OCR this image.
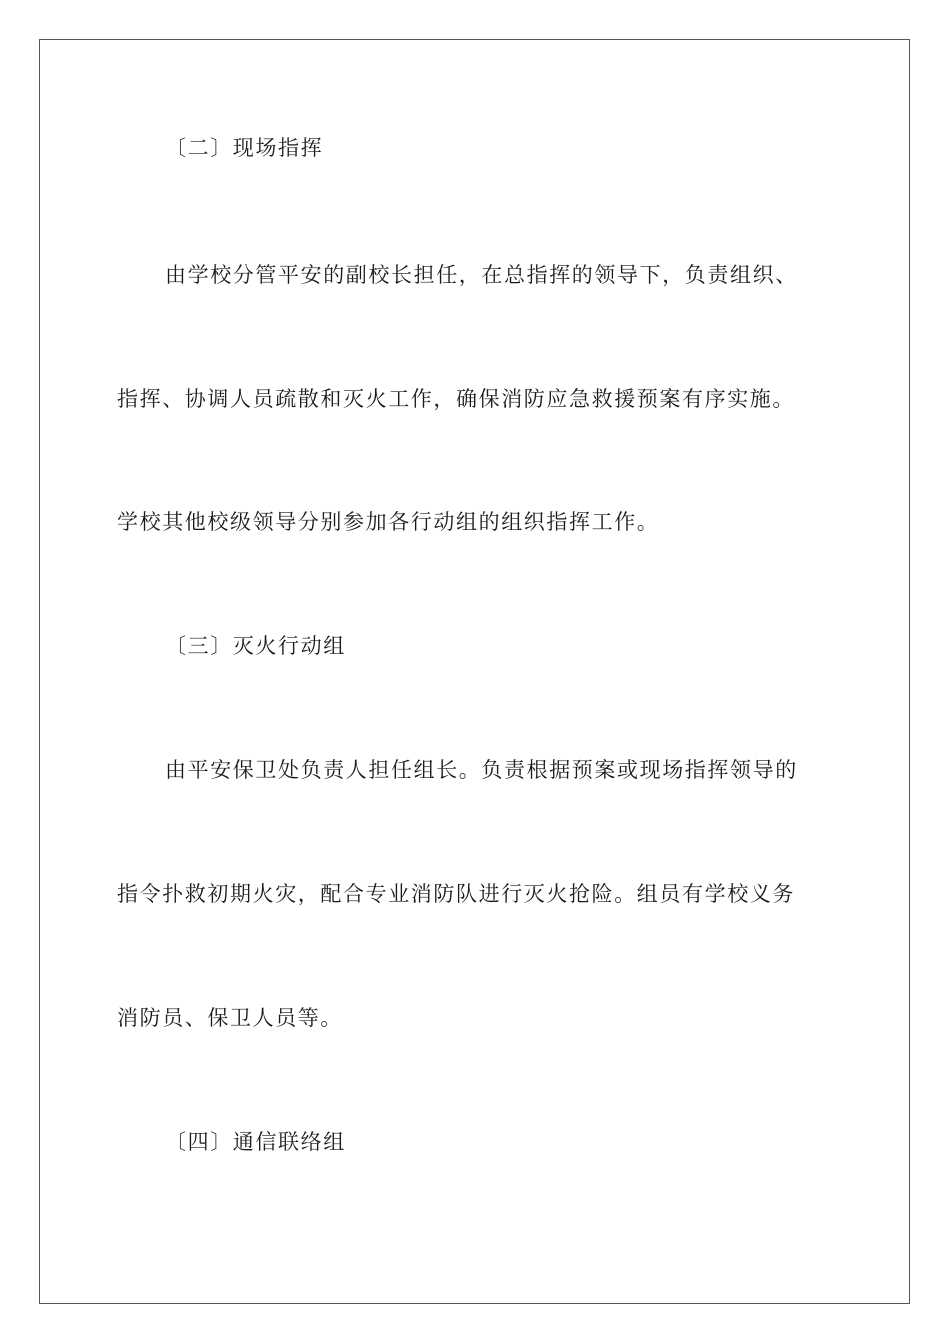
〔二〕现场指挥
由学校分管平安的副校长担任，在总指挥的领导下，负责组织、
指挥、协调人员疏散和灭火工作，确保消防应急救援预案有序实施。
学校其他校级领导分别参加各行动组的组织指挥工作。
〔三〕灭火行动组
由平安保卫处负责人担任组长。负责根据预案或现场指挥领导的
指令扑救初期火灾，配合专业消防队进行灭火抢险。组员有学校义务
消防员、保卫人员等。
〔四〕通信联络组
